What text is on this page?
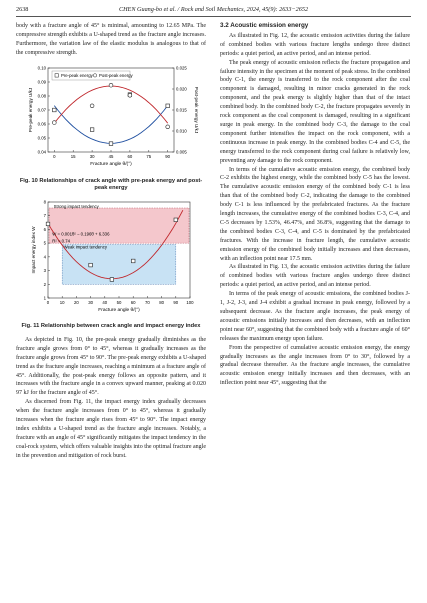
2638	CHEN Guang-bo et al. / Rock and Soil Mechanics, 2024, 45(9): 2633−2652

body with a fracture angle of 45° is minimal, amounting to 12.65 MPa. The compressive strength exhibits a U-shaped trend as the fracture angle increases. Furthermore, the variation law of the elastic modulus is analogous to that of the compressive strength.

0	15	30	45	60	75	90
0.04
0.05
0.06
0.07
0.08
0.09
0.10
0.005
0.010
0.015
0.020
0.025
Fracture angle θ/(°)
Pre-peak energy U/kJ	Post-peak energy U/kJ
Pre-peak energy Post-peak energy
Fig. 10 Relationships of crack angle with pre-peak energy and post-peak energy
Strong impact tendency
Weak impact tendency
0 10 20 30 40 50 60 70 80 90 100
1
2
3
4
5
6
7
8
Fracture angle θ/(°)
Impact energy index W	W = 0.001θ² − 0.196θ + 6.336
R² = 0.74
Fig. 11 Relationship between crack angle and impact energy index

As depicted in Fig. 10, the pre-peak energy gradually diminishes as the fracture angle grows from 0° to 45°, whereas it gradually increases as the fracture angle grows from 45° to 90°. The pre-peak energy exhibits a U-shaped trend as the fracture angle increases, reaching a minimum at a fracture angle of 45°. Additionally, the post-peak energy follows an opposite pattern, and it increases with the fracture angle in a convex upward manner, peaking at 0.020 97 kJ for the fracture angle of 45°.

As discerned from Fig. 11, the impact energy index gradually decreases when the fracture angle increases from 0° to 45°, whereas it gradually increases when the fracture angle rises from 45° to 90°. The impact energy index exhibits a U-shaped trend as the fracture angle increases. Notably, a fracture with an angle of 45° significantly mitigates the impact tendency in the coal-rock system, which offers valuable insights into the optimal fracture angle in the prevention and mitigation of rock burst.

3.2 Acoustic emission energy

As illustrated in Fig. 12, the acoustic emission activities during the failure of combined bodies with various fracture lengths undergo three distinct periods: a quiet period, an active period, and an intense period.

The peak energy of acoustic emission reflects the fracture propagation and failure intensity in the specimen at the moment of peak stress. In the combined body C-1, the energy is transferred to the rock component after the coal component is damaged, resulting in minor cracks generated in the rock component, and the peak energy is slightly higher than that of the intact combined body. In the combined body C-2, the fracture propagates severely in rock component as the coal component is damaged, resulting in a significant surge in peak energy. In the combined body C-3, the damage to the coal component further intensifies the impact on the rock component, with a continuous increase in peak energy. In the combined bodies C-4 and C-5, the energy transferred to the rock component during coal failure is relatively low, preventing any damage to the rock component.

In terms of the cumulative acoustic emission energy, the combined body C-2 exhibits the highest energy, while the combined body C-5 has the lowest. The cumulative acoustic emission energy of the combined body C-1 is less than that of the combined body C-2, indicating the damage to the combined body C-1 is less influenced by the prefabricated fractures. As the fracture length increases, the cumulative energy of the combined bodies C-3, C-4, and C-5 decreases by 1.53%, 46.47%, and 36.8%, suggesting that the damage to the combined bodies C-3, C-4, and C-5 is dominated by the prefabricated fractures. With the increase in fracture length, the cumulative acoustic emission energy of the combined body initially increases and then decreases, with an inflection point near 17.5 mm.

As illustrated in Fig. 13, the acoustic emission activities during the failure of combined bodies with various fracture angles undergo three distinct periods: a quiet period, an active period, and an intense period.

In terms of the peak energy of acoustic emissions, the combined bodies J-1, J-2, J-3, and J-4 exhibit a gradual increase in peak energy, followed by a subsequent decrease. As the fracture angle increases, the peak energy of acoustic emissions initially increases and then decreases, with an inflection point near 60°, suggesting that the combined body with a fracture angle of 60° releases the maximum energy upon failure.

From the perspective of cumulative acoustic emission energy, the energy gradually increases as the angle increases from 0° to 30°, followed by a gradual decrease thereafter. As the fracture angle increases, the cumulative acoustic emission energy initially increases and then decreases, with an inflection point near 45°, suggesting that the
